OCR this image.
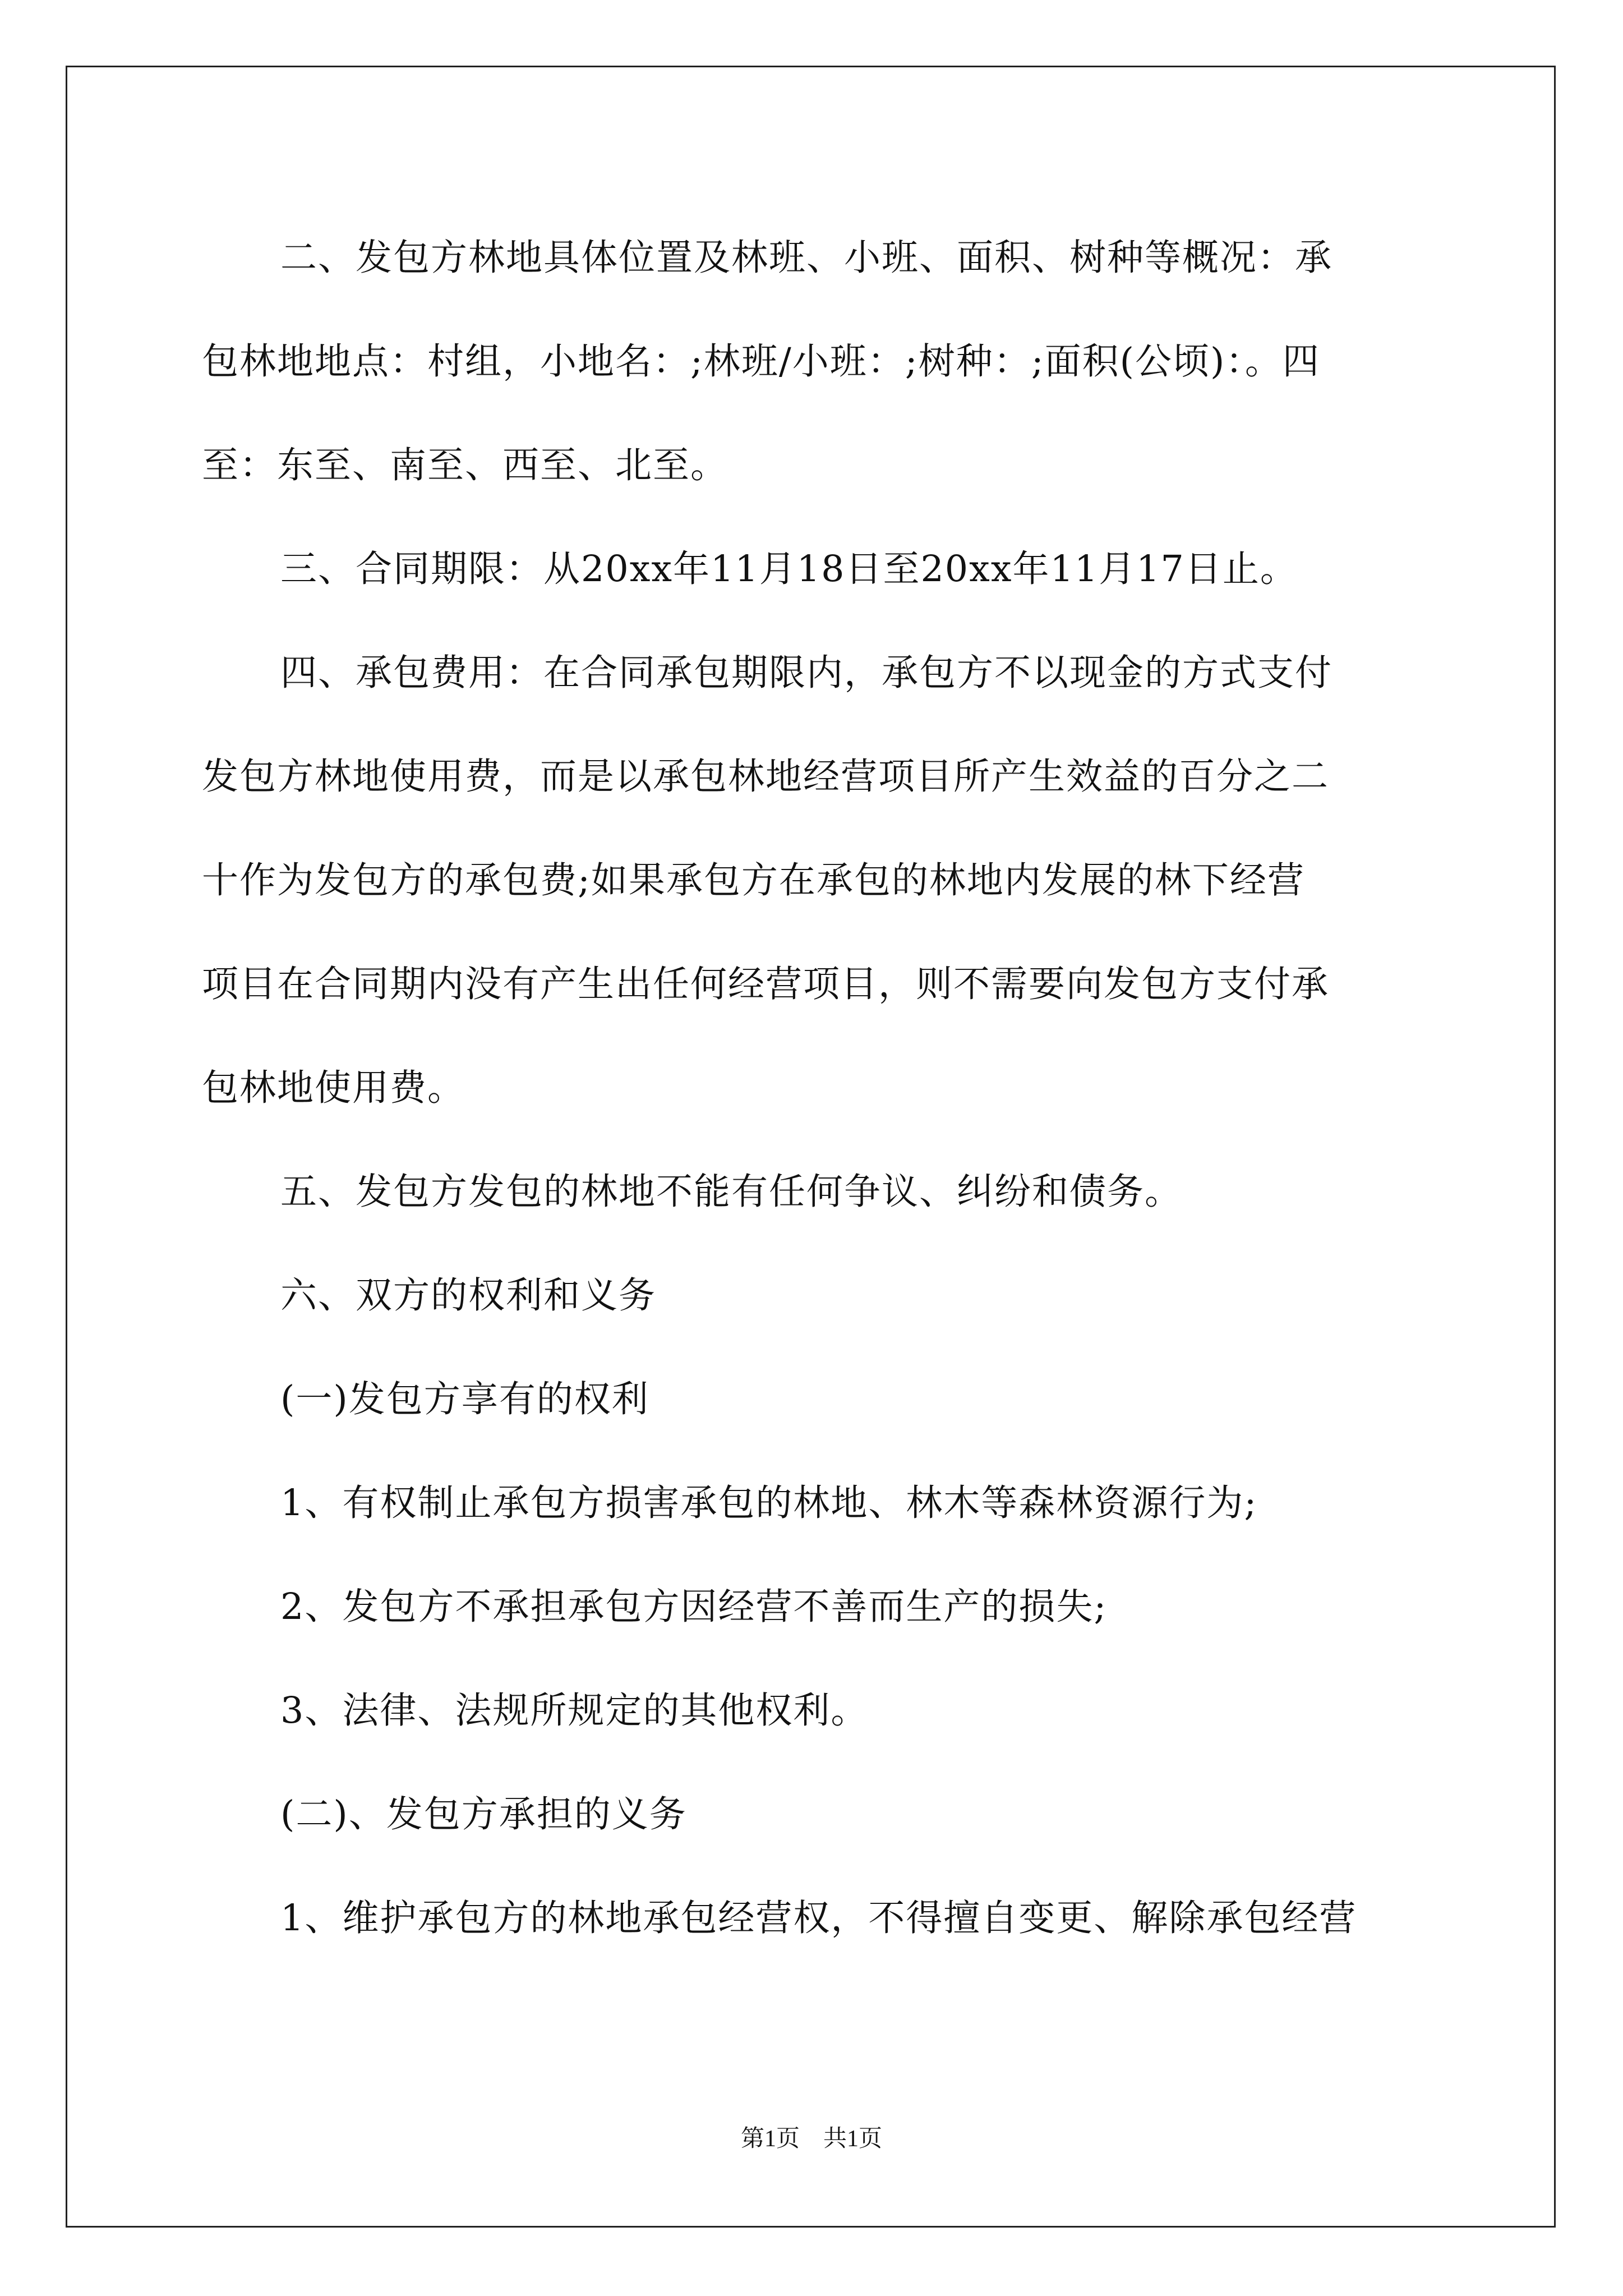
二、发包方林地具体位置及林班、小班、面积、树种等概况：承
包林地地点：村组，小地名：;林班/小班：;树种：;面积(公顷)：。四
至：东至、南至、西至、北至。
三、合同期限：从20xx年11月18日至20xx年11月17日止。
四、承包费用：在合同承包期限内，承包方不以现金的方式支付
发包方林地使用费，而是以承包林地经营项目所产生效益的百分之二
十作为发包方的承包费;如果承包方在承包的林地内发展的林下经营
项目在合同期内没有产生出任何经营项目，则不需要向发包方支付承
包林地使用费。
五、发包方发包的林地不能有任何争议、纠纷和债务。
六、双方的权利和义务
(一)发包方享有的权利
1、有权制止承包方损害承包的林地、林木等森林资源行为;
2、发包方不承担承包方因经营不善而生产的损失;
3、法律、法规所规定的其他权利。
(二)、发包方承担的义务
1、维护承包方的林地承包经营权，不得擅自变更、解除承包经营
第1页　共1页
